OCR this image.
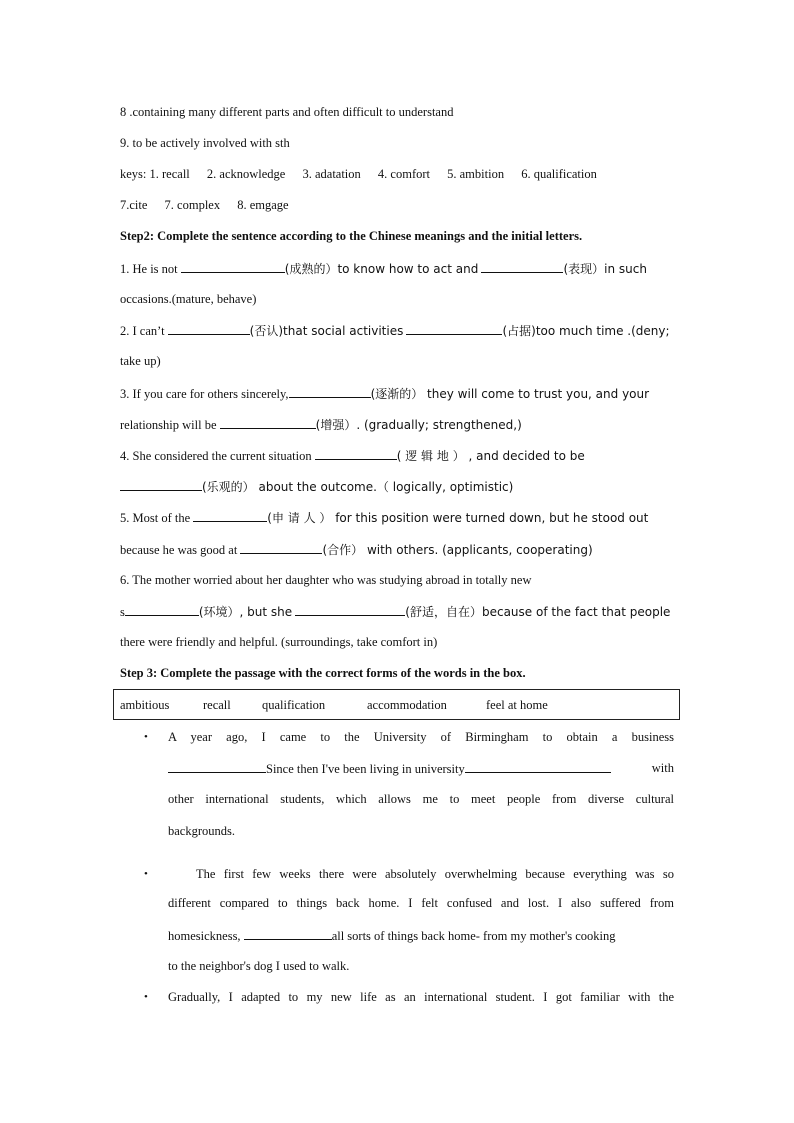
8 .containing many different parts and often difficult to understand
9. to be actively involved with sth
keys: 1. recall 2. acknowledge 3. adatation 4. comfort 5. ambition 6. qualification
7.cite 7. complex 8. emgage
Step2: Complete the sentence according to the Chinese meanings and the initial letters.
1. He is not	(成熟的）to know how to act and	(表现）in such
occasions.(mature, behave)
2. I can’t	(否认)that social activities	(占据)too much time .(deny;
take up)
3. If you care for others sincerely,	(逐渐的） they will come to trust you, and your
relationship will be	(增强）. (gradually; strengthened,)
4. She considered the current situation	( 逻 辑 地 ） , and decided to be
(乐观的） about the outcome.（ logically, optimistic)
5. Most of the	(申 请 人 ） for this position were turned down, but he stood out
because he was good at	(合作） with others. (applicants, cooperating)
6. The mother worried about her daughter who was studying abroad in totally new
s	(环境）, but she	(舒适，自在）because of the fact that people
there were friendly and helpful. (surroundings, take comfort in)
Step 3: Complete the passage with the correct forms of the words in the box.
ambitious	recall qualification	accommodation	feel at home
• A year ago, I came to the University of Birmingham to obtain a business
Since then I've been living in university	with
other international students, which allows me to meet people from diverse cultural
backgrounds.
•	The first few weeks there were absolutely overwhelming because everything was so
different compared to things back home. I felt confused and lost. I also suffered from
homesickness,	all sorts of things back home- from my mother's cooking
to the neighbor's dog I used to walk.
• Gradually, I adapted to my new life as an international student. I got familiar with the
